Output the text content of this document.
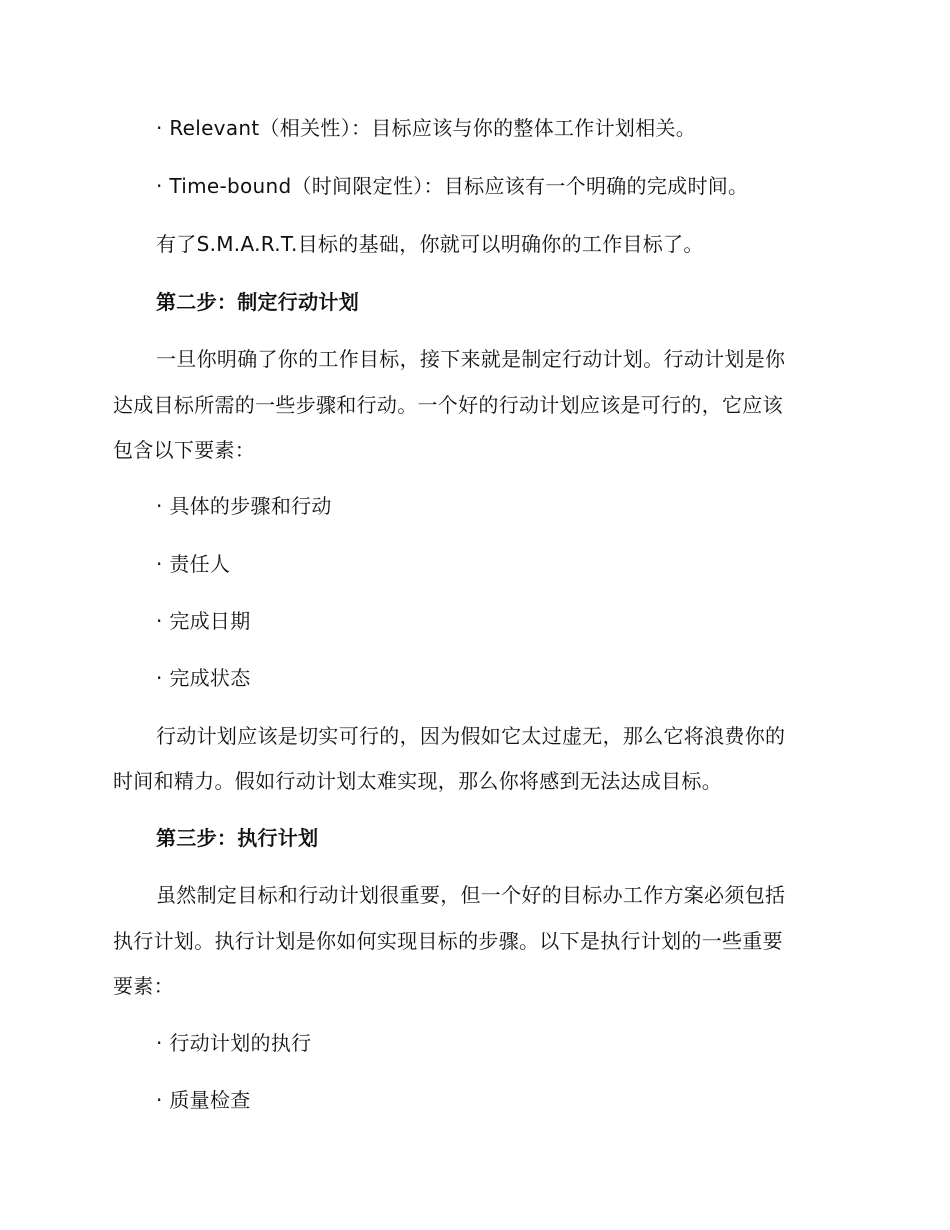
· Relevant（相关性）：目标应该与你的整体工作计划相关。
· Time-bound（时间限定性）：目标应该有一个明确的完成时间。
有了S.M.A.R.T.目标的基础，你就可以明确你的工作目标了。
第二步：制定行动计划
一旦你明确了你的工作目标，接下来就是制定行动计划。行动计划是你
达成目标所需的一些步骤和行动。一个好的行动计划应该是可行的，它应该
包含以下要素：
· 具体的步骤和行动
· 责任人
· 完成日期
· 完成状态
行动计划应该是切实可行的，因为假如它太过虚无，那么它将浪费你的
时间和精力。假如行动计划太难实现，那么你将感到无法达成目标。
第三步：执行计划
虽然制定目标和行动计划很重要，但一个好的目标办工作方案必须包括
执行计划。执行计划是你如何实现目标的步骤。以下是执行计划的一些重要
要素：
· 行动计划的执行
· 质量检查
